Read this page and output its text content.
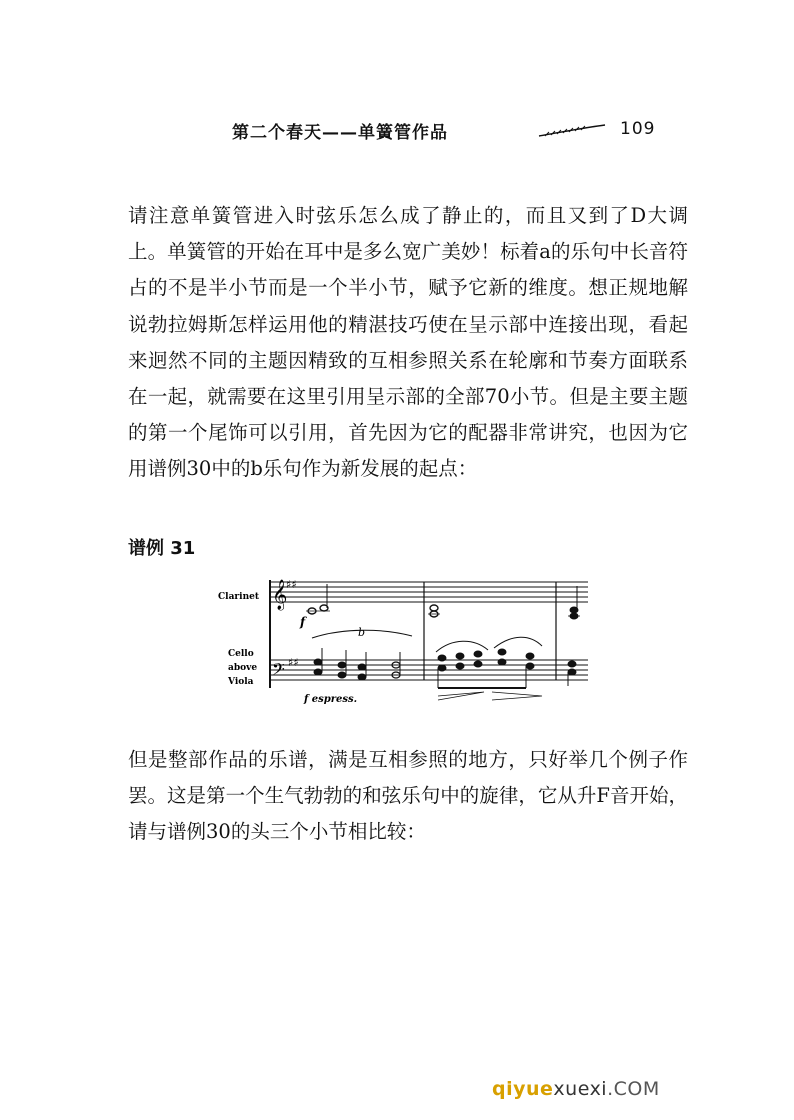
第二个春天——单簧管作品	109

请注意单簧管进入时弦乐怎么成了静止的，而且又到了D大调上。单簧管的开始在耳中是多么宽广美妙！标着a的乐句中长音符占的不是半小节而是一个半小节，赋予它新的维度。想正规地解说勃拉姆斯怎样运用他的精湛技巧使在呈示部中连接出现，看起来迥然不同的主题因精致的互相参照关系在轮廓和节奏方面联系在一起，就需要在这里引用呈示部的全部70小节。但是主要主题的第一个尾饰可以引用，首先因为它的配器非常讲究，也因为它用谱例30中的b乐句作为新发展的起点：

谱例 31
Clarinet
Cello
above
Viola
𝄞
𝄢
♯♯
♯♯
f
b
f espress.

但是整部作品的乐谱，满是互相参照的地方，只好举几个例子作罢。这是第一个生气勃勃的和弦乐句中的旋律，它从升F音开始，请与谱例30的头三个小节相比较：

qiyuexuexi.COM
